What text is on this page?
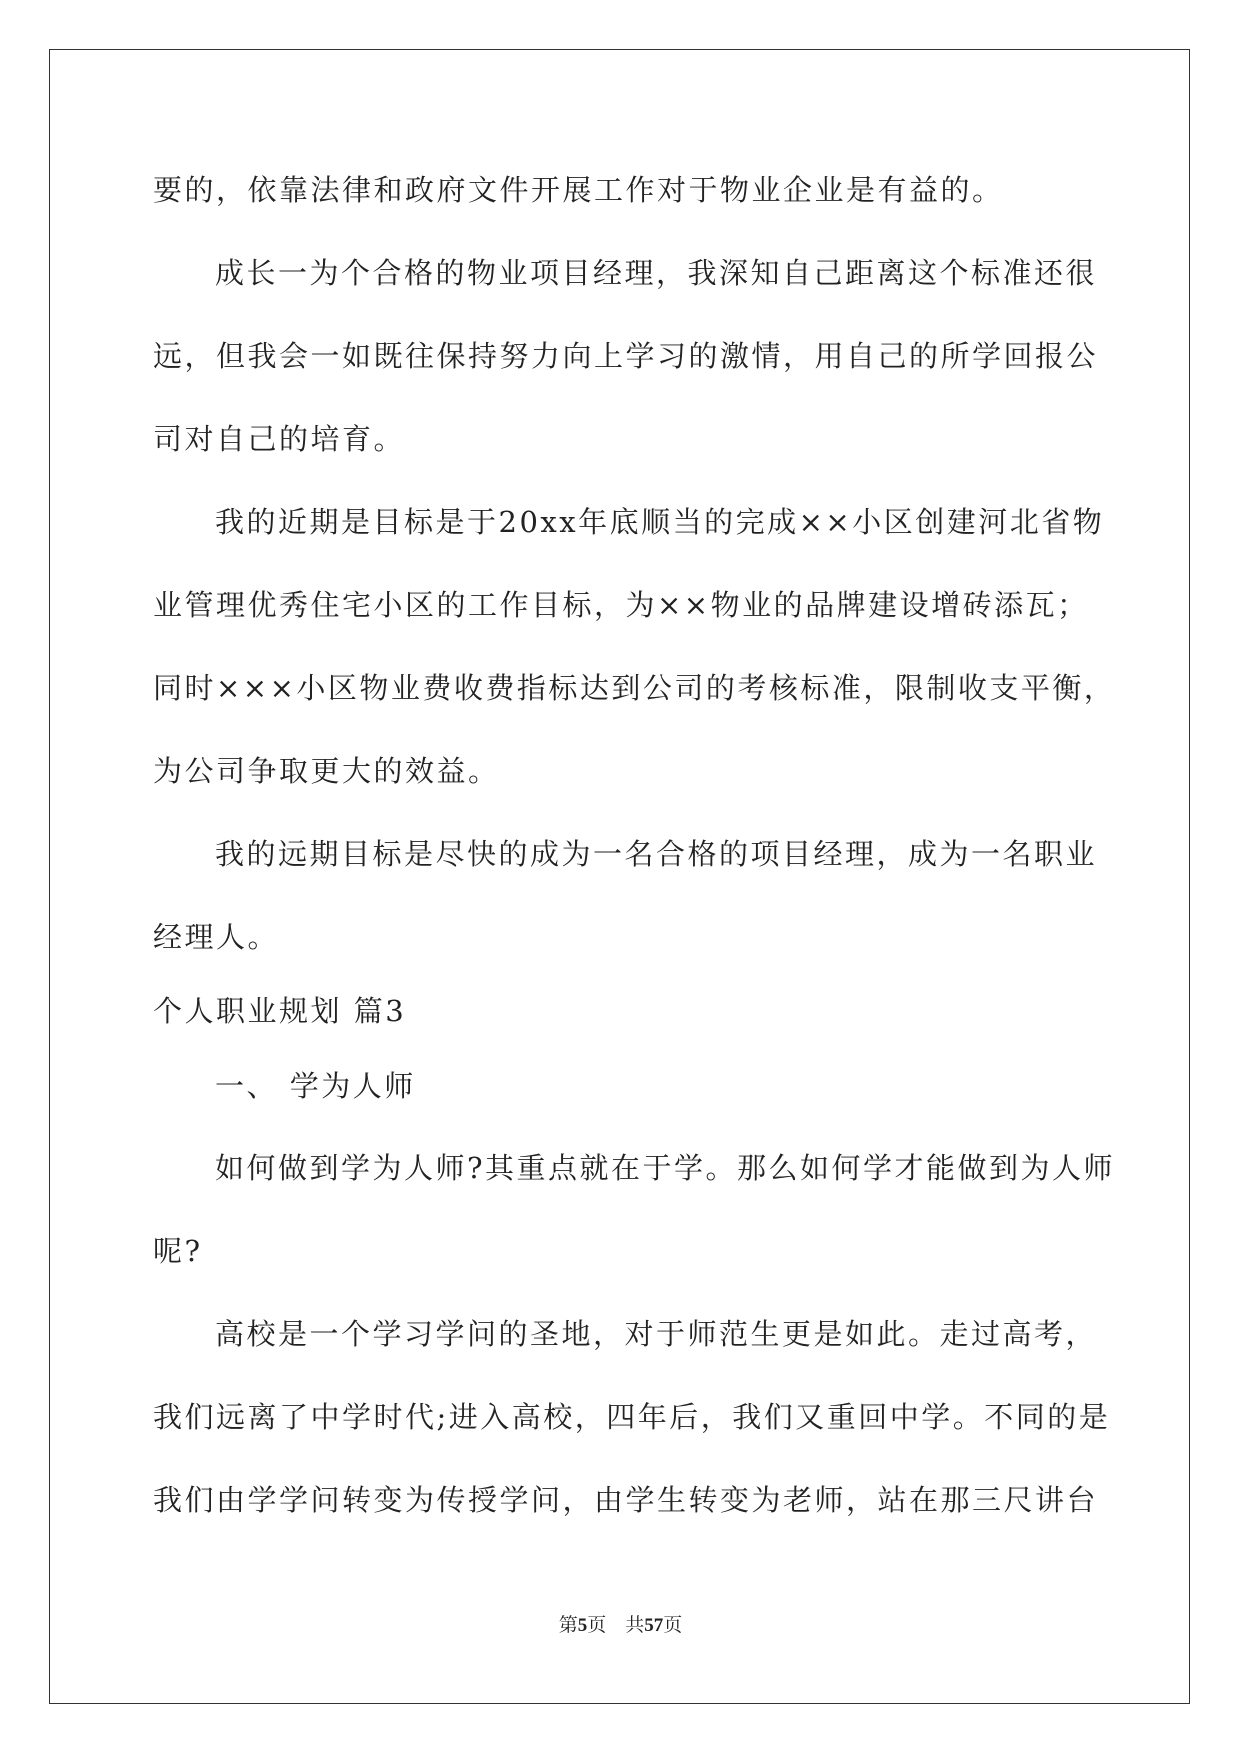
要的，依靠法律和政府文件开展工作对于物业企业是有益的。

成长一为个合格的物业项目经理，我深知自己距离这个标准还很

远，但我会一如既往保持努力向上学习的激情，用自己的所学回报公

司对自己的培育。

我的近期是目标是于20xx年底顺当的完成××小区创建河北省物

业管理优秀住宅小区的工作目标，为××物业的品牌建设增砖添瓦；

同时×××小区物业费收费指标达到公司的考核标准，限制收支平衡，

为公司争取更大的效益。

我的远期目标是尽快的成为一名合格的项目经理，成为一名职业

经理人。

个人职业规划 篇3

一、 学为人师

如何做到学为人师?其重点就在于学。那么如何学才能做到为人师

呢?

高校是一个学习学问的圣地，对于师范生更是如此。走过高考，

我们远离了中学时代;进入高校，四年后，我们又重回中学。不同的是

我们由学学问转变为传授学问，由学生转变为老师，站在那三尺讲台

第5页　共57页
